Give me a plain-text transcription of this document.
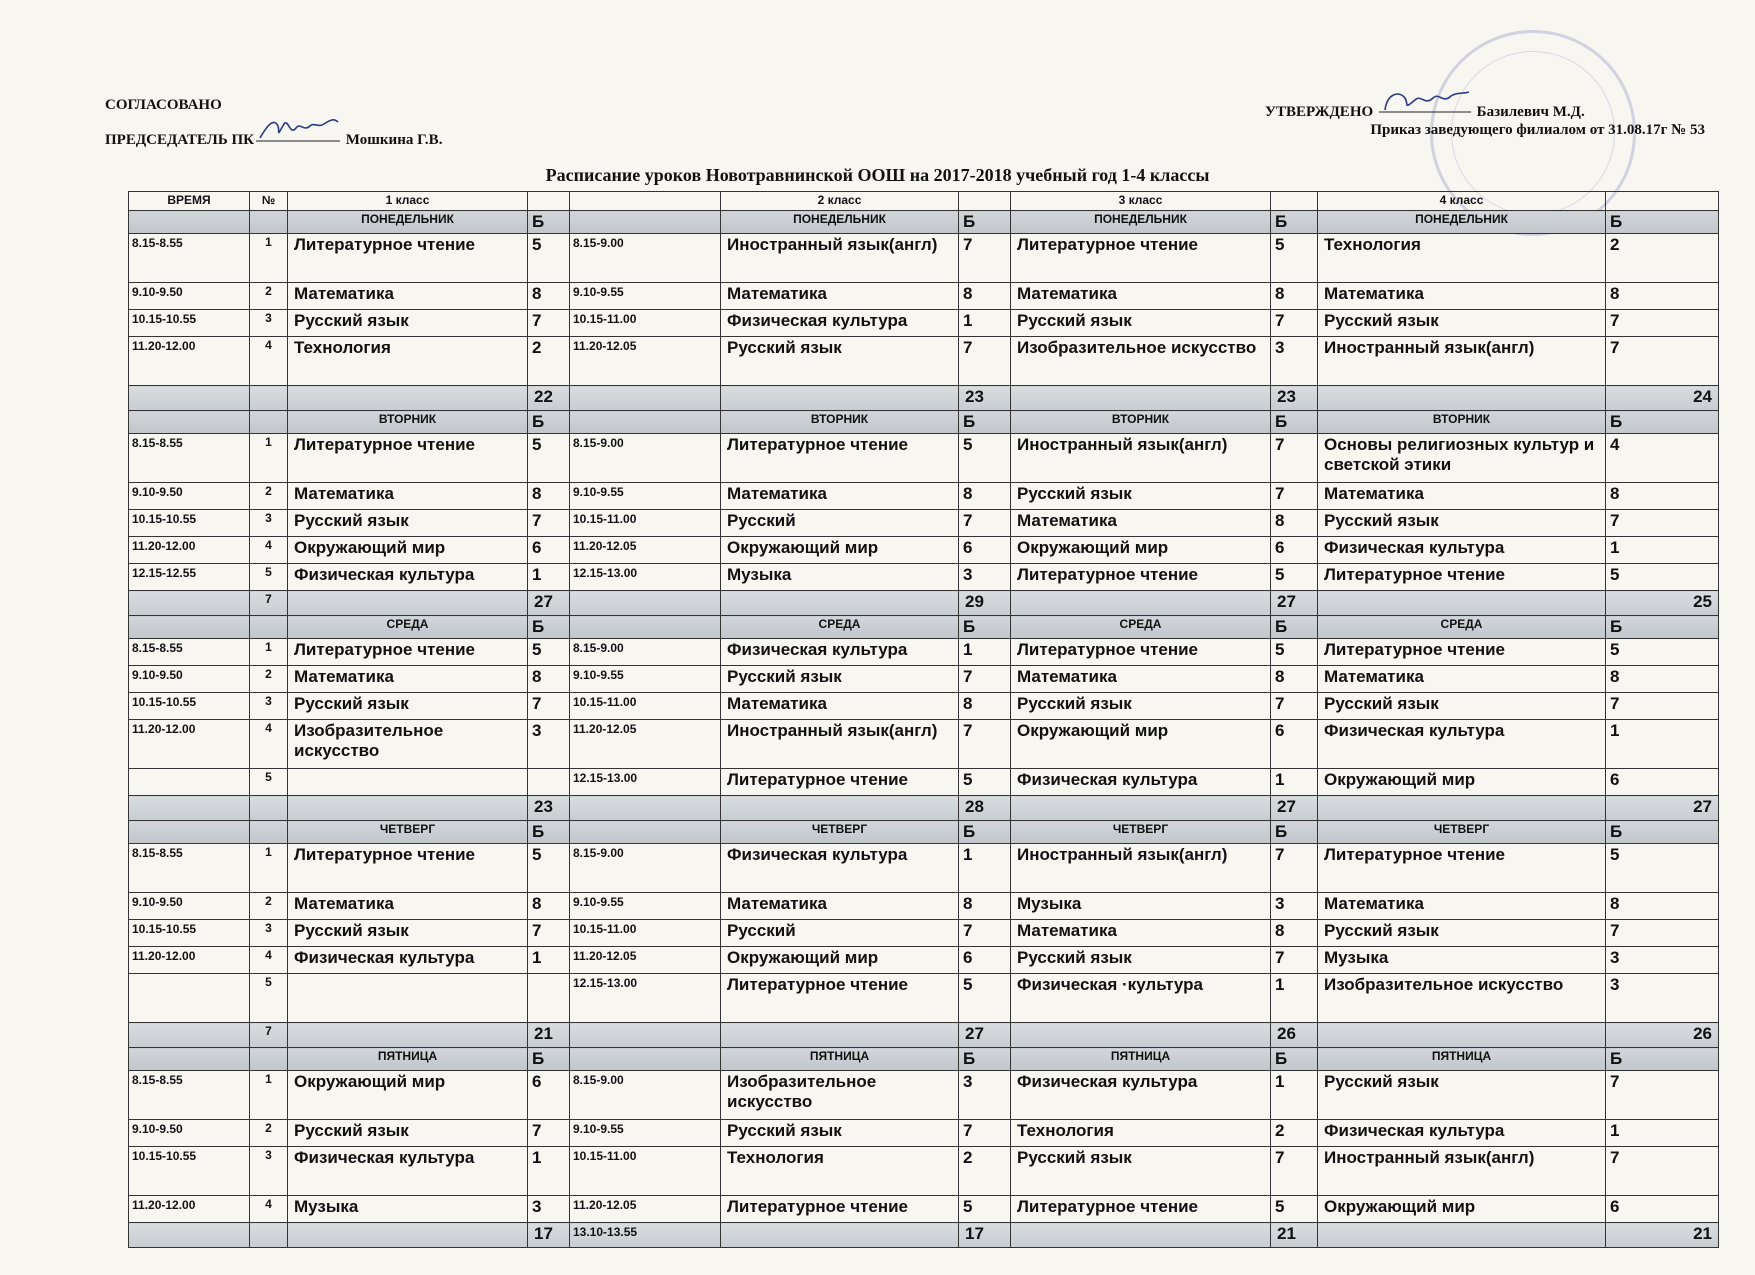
СОГЛАСОВАНО
ПРЕДСЕДАТЕЛЬ ПК	Мошкина Г.В.
УТВЕРЖДЕНО	Базилевич М.Д.
Приказ заведующего филиалом от 31.08.17г № 53
Расписание уроков Новотравнинской ООШ на 2017-2018 учебный год 1-4 классы
ВРЕМЯ	№	1 класс			2 класс		3 класс		4 класс	
		ПОНЕДЕЛЬНИК	Б		ПОНЕДЕЛЬНИК	Б	ПОНЕДЕЛЬНИК	Б	ПОНЕДЕЛЬНИК	Б
8.15-8.55	1	Литературное чтение	5	8.15-9.00	Иностранный язык(англ)	7	Литературное чтение	5	Технология	2
9.10-9.50	2	Математика	8	9.10-9.55	Математика	8	Математика	8	Математика	8
10.15-10.55	3	Русский язык	7	10.15-11.00	Физическая культура	1	Русский язык	7	Русский язык	7
11.20-12.00	4	Технология	2	11.20-12.05	Русский язык	7	Изобразительное искусство	3	Иностранный язык(англ)	7
			22			23		23		24
		ВТОРНИК	Б		ВТОРНИК	Б	ВТОРНИК	Б	ВТОРНИК	Б
8.15-8.55	1	Литературное чтение	5	8.15-9.00	Литературное чтение	5	Иностранный язык(англ)	7	Основы религиозных культур и светской этики	4
9.10-9.50	2	Математика	8	9.10-9.55	Математика	8	Русский язык	7	Математика	8
10.15-10.55	3	Русский язык	7	10.15-11.00	Русский	7	Математика	8	Русский язык	7
11.20-12.00	4	Окружающий мир	6	11.20-12.05	Окружающий мир	6	Окружающий мир	6	Физическая культура	1
12.15-12.55	5	Физическая культура	1	12.15-13.00	Музыка	3	Литературное чтение	5	Литературное чтение	5
	7		27			29		27		25
		СРЕДА	Б		СРЕДА	Б	СРЕДА	Б	СРЕДА	Б
8.15-8.55	1	Литературное чтение	5	8.15-9.00	Физическая культура	1	Литературное чтение	5	Литературное чтение	5
9.10-9.50	2	Математика	8	9.10-9.55	Русский язык	7	Математика	8	Математика	8
10.15-10.55	3	Русский язык	7	10.15-11.00	Математика	8	Русский язык	7	Русский язык	7
11.20-12.00	4	Изобразительное искусство	3	11.20-12.05	Иностранный язык(англ)	7	Окружающий мир	6	Физическая культура	1
	5			12.15-13.00	Литературное чтение	5	Физическая культура	1	Окружающий мир	6
			23			28		27		27
		ЧЕТВЕРГ	Б		ЧЕТВЕРГ	Б	ЧЕТВЕРГ	Б	ЧЕТВЕРГ	Б
8.15-8.55	1	Литературное чтение	5	8.15-9.00	Физическая культура	1	Иностранный язык(англ)	7	Литературное чтение	5
9.10-9.50	2	Математика	8	9.10-9.55	Математика	8	Музыка	3	Математика	8
10.15-10.55	3	Русский язык	7	10.15-11.00	Русский	7	Математика	8	Русский язык	7
11.20-12.00	4	Физическая культура	1	11.20-12.05	Окружающий мир	6	Русский язык	7	Музыка	3
	5			12.15-13.00	Литературное чтение	5	Физическая ·культура	1	Изобразительное искусство	3
	7		21			27		26		26
		ПЯТНИЦА	Б		ПЯТНИЦА	Б	ПЯТНИЦА	Б	ПЯТНИЦА	Б
8.15-8.55	1	Окружающий мир	6	8.15-9.00	Изобразительное искусство	3	Физическая культура	1	Русский язык	7
9.10-9.50	2	Русский язык	7	9.10-9.55	Русский язык	7	Технология	2	Физическая культура	1
10.15-10.55	3	Физическая культура	1	10.15-11.00	Технология	2	Русский язык	7	Иностранный язык(англ)	7
11.20-12.00	4	Музыка	3	11.20-12.05	Литературное чтение	5	Литературное чтение	5	Окружающий мир	6
			17	13.10-13.55		17		21		21
